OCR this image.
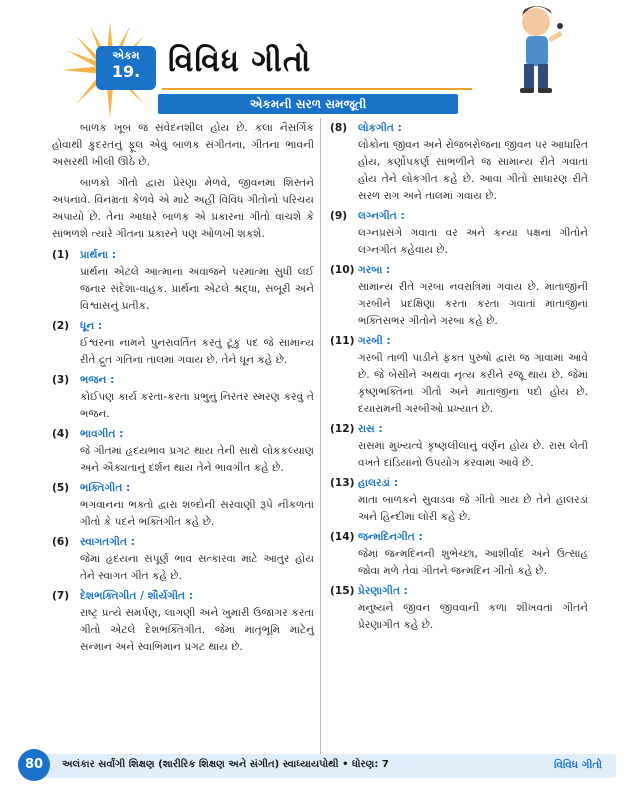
એકમ
19. વિવિધ ગીતો
એકમની સરળ સમજૂતી

બાળક ખૂબ જ સંવેદનશીલ હોય છે. કલા નૈસર્ગિક હોવાથી કુદરતનું ફૂલ એવું બાળક સંગીતના, ગીતના ભાવની અસરથી ખીલી ઊઠે છે.

બાળકો ગીતો દ્વારા પ્રેરણા મેળવે, જીવનમાં શિસ્તને અપનાવે. વિનમ્રતા કેળવે એ માટે અહીં વિવિધ ગીતોનો પરિચય અપાયો છે. તેના આધારે બાળક એ પ્રકારનાં ગીતો વાંચશે કે સાંભળશે ત્યારે ગીતના પ્રકારને પણ ઓળખી શકશે.

(1) પ્રાર્થના :
પ્રાર્થના એટલે આત્માના અવાજને પરમાત્મા સુધી લઈ જનાર સંદેશા-વાહક. પ્રાર્થના એટલે શ્રદ્ધા, સબૂરી અને વિશ્વાસનું પ્રતીક.
(2) ધૂન :
ઈશ્વરના નામને પુનરાવર્તિત કરતું ટૂંકું પદ જે સામાન્ય રીતે દ્રુત ગતિના તાલમાં ગવાય છે. તેને ધૂન કહે છે.
(3) ભજન :
કોઈપણ કાર્ય કરતા-કરતા પ્રભુનું નિરંતર સ્મરણ કરવું તે ભજન.
(4) ભાવગીત :
જે ગીતમાં હૃદયભાવ પ્રગટ થાય તેની સાથે લોકકલ્યાણ અને ઐક્યતાનું દર્શન થાય તેને ભાવગીત કહે છે.
(5) ભક્તિગીત :
ભગવાનના ભક્તો દ્વારા શબ્દોની સરવાણી રૂપે નીકળતાં ગીતો કે પદને ભક્તિગીત કહે છે.
(6) સ્વાગતગીત :
જેમાં હૃદયના સંપૂર્ણ ભાવ સત્કારવા માટે આતુર હોય તેને સ્વાગત ગીત કહે છે.
(7) દેશભક્તિગીત / શૌર્યગીત :
રાષ્ટ્ર પ્રત્યે સમર્પણ, લાગણી અને ખુમારી ઉજાગર કરતા ગીતો એટલે દેશભક્તિગીત. જેમાં માતૃભૂમિ માટેનું સન્માન અને સ્વાભિમાન પ્રગટ થાય છે.
(8) લોકગીત :
લોકોના જીવન અને રોજબરોજના જીવન પર આધારિત હોય, કર્ણોપકર્ણ સાંભળીને જ સામાન્ય રીતે ગવાતાં હોય તેને લોકગીત કહે છે. આવાં ગીતો સાધારણ રીતે સરળ રાગ અને તાલમાં ગવાય છે.
(9) લગ્નગીત :
લગ્નપ્રસંગે ગવાતાં વર અને કન્યા પક્ષનાં ગીતોને લગ્નગીત કહેવાય છે.
(10) ગરબા :
સામાન્ય રીતે ગરબા નવરાત્રિમાં ગવાય છે. માતાજીની ગરબીને પ્રદક્ષિણા કરતા કરતા ગવાતાં માતાજીનાં ભક્તિસભર ગીતોને ગરબા કહે છે.
(11) ગરબી :
ગરબી તાળી પાડીને ફક્ત પુરુષો દ્વારા જ ગાવામાં આવે છે. જે બેસીને અથવા નૃત્ય કરીને રજૂ થાય છે. જેમાં કૃષ્ણભક્તિનાં ગીતો અને માતાજીનાં પદો હોય છે. દયારામની ગરબીઓ પ્રખ્યાત છે.
(12) રાસ :
રાસમાં મુખ્યત્વે કૃષ્ણલીલાનું વર્ણન હોય છે. રાસ લેતી વખતે દાંડિયાનો ઉપયોગ કરવામાં આવે છે.
(13) હાલરડાં :
માતા બાળકને સુવાડવા જે ગીતો ગાય છે તેને હાલરડાં અને હિન્દીમાં લોરી કહે છે.
(14) જન્મદિનગીત :
જેમાં જન્મદિનની શુભેચ્છા, આશીર્વાદ અને ઉત્સાહ જોવા મળે તેવાં ગીતને જન્મદિન ગીતો કહે છે.
(15) પ્રેરણાગીત :
મનુષ્યને જીવન જીવવાની કળા શીખવતાં ગીતને પ્રેરણાગીત કહે છે.
80	અલંકાર સર્વાંગી શિક્ષણ (શારીરિક શિક્ષણ અને સંગીત) સ્વાધ્યાયપોથી • ધોરણ: 7	વિવિધ ગીતો
